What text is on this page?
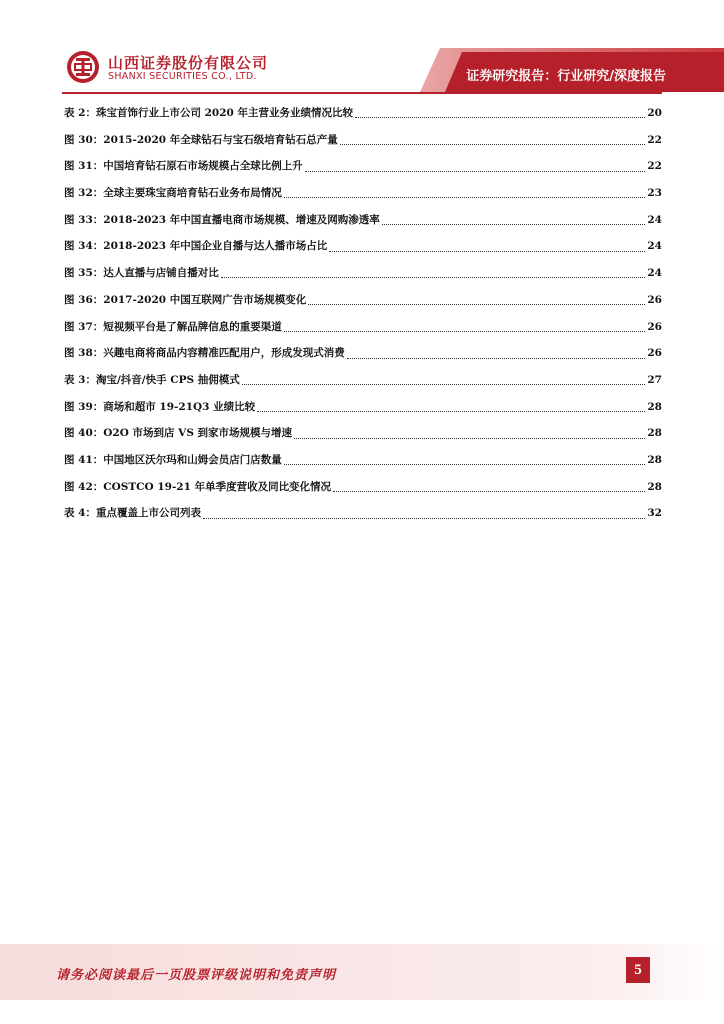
证券研究报告：行业研究/深度报告
山西证券股份有限公司
SHANXI SECURITIES CO., LTD.
表 2：珠宝首饰行业上市公司 2020 年主营业务业绩情况比较	20
图 30：2015-2020 年全球钻石与宝石级培育钻石总产量	22
图 31：中国培育钻石原石市场规模占全球比例上升	22
图 32：全球主要珠宝商培育钻石业务布局情况	23
图 33：2018-2023 年中国直播电商市场规模、增速及网购渗透率	24
图 34：2018-2023 年中国企业自播与达人播市场占比	24
图 35：达人直播与店铺自播对比	24
图 36：2017-2020 中国互联网广告市场规模变化	26
图 37：短视频平台是了解品牌信息的重要渠道	26
图 38：兴趣电商将商品内容精准匹配用户，形成发现式消费	26
表 3：淘宝/抖音/快手 CPS 抽佣模式	27
图 39：商场和超市 19-21Q3 业绩比较	28
图 40：O2O 市场到店 VS 到家市场规模与增速	28
图 41：中国地区沃尔玛和山姆会员店门店数量	28
图 42：COSTCO 19-21 年单季度营收及同比变化情况	28
表 4：重点覆盖上市公司列表	32
请务必阅读最后一页股票评级说明和免责声明	5
